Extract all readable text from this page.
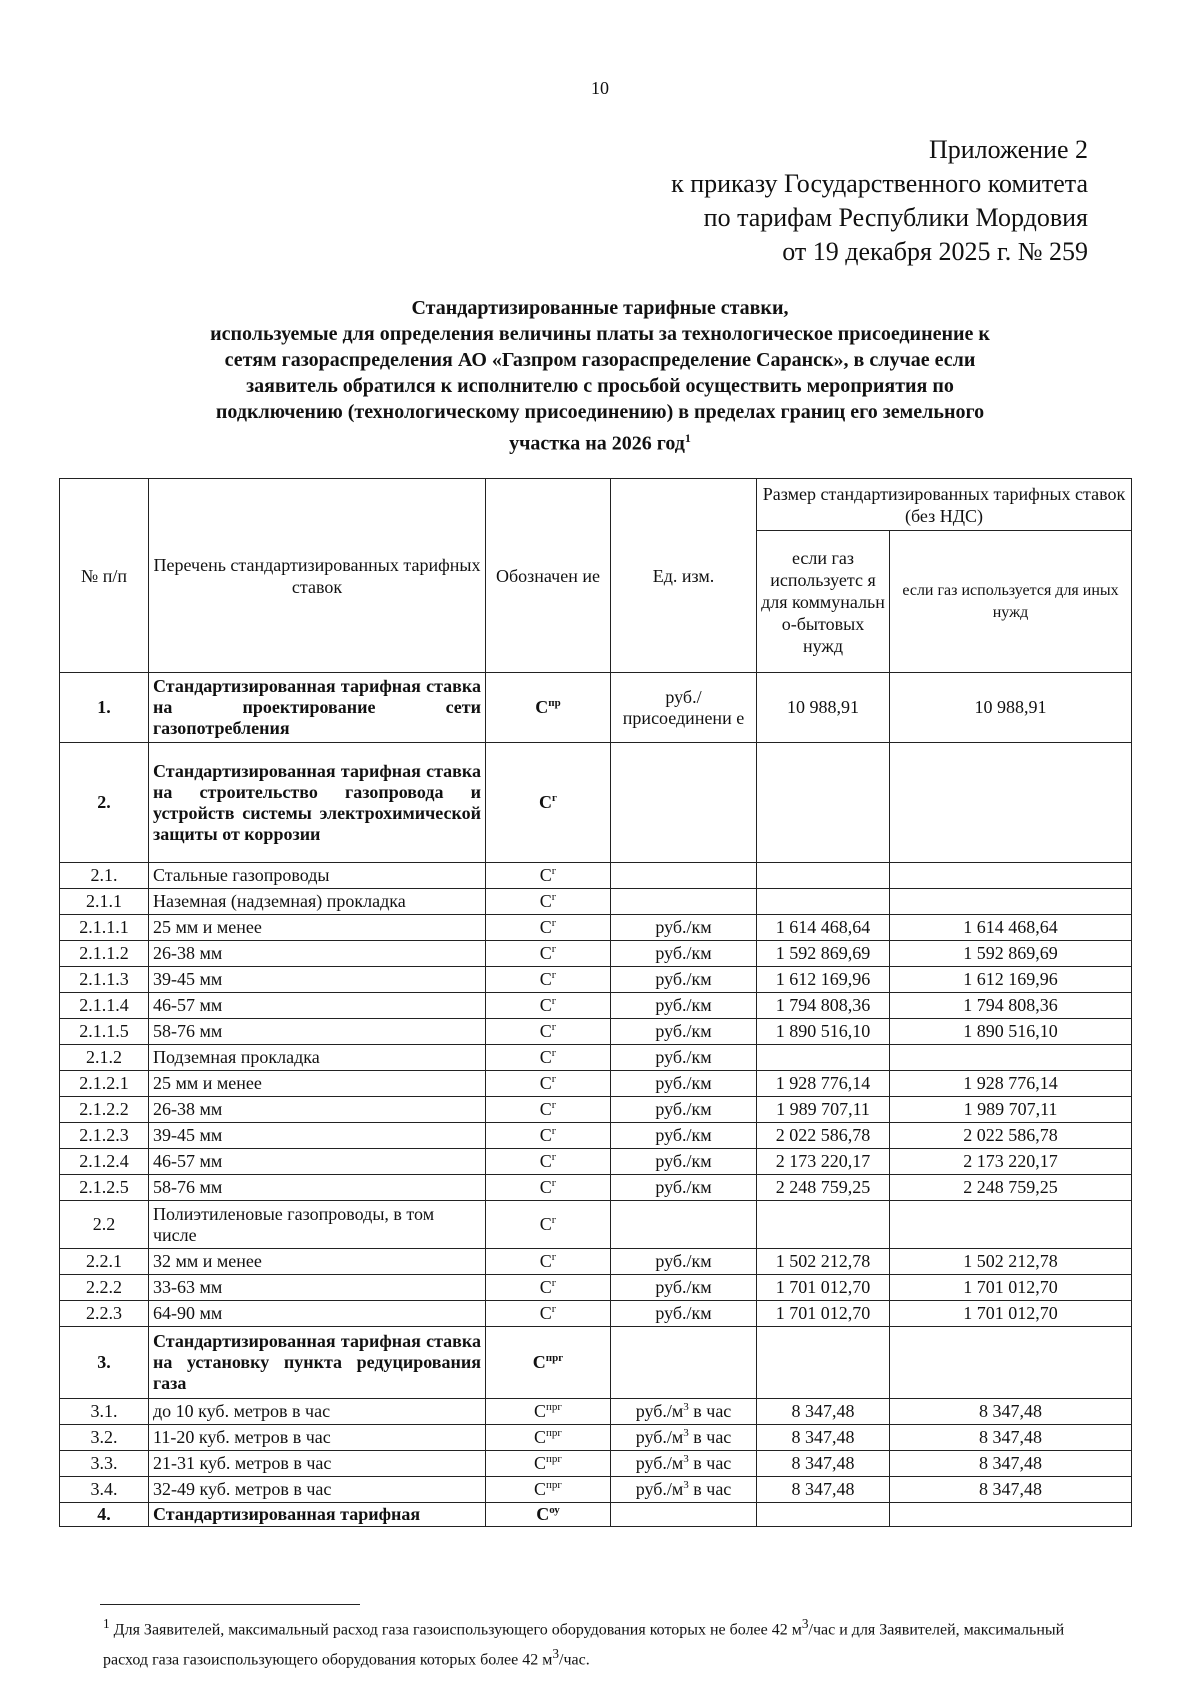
10
Приложение 2
к приказу Государственного комитета
по тарифам Республики Мордовия
от 19 декабря 2025 г. № 259
Стандартизированные тарифные ставки,
используемые для определения величины платы за технологическое присоединение к
сетям газораспределения АО «Газпром газораспределение Саранск», в случае если
заявитель обратился к исполнителю с просьбой осуществить мероприятия по
подключению (технологическому присоединению) в пределах границ его земельного
участка на 2026 год$^1$
№ п/п	Перечень стандартизированных тарифных ставок	Обозначен ие	Ед. изм.	Размер стандартизированных тарифных ставок (без НДС)	
				если газ используетс я для коммунальн о-бытовых нужд	если газ используется для иных нужд
1.	Стандартизированная тарифная ставка на проектирование сети газопотребления	$С^{пр}$	руб./ присоединени е	10 988,91	10 988,91
2.	Стандартизированная тарифная ставка на строительство газопровода и устройств системы электрохимической защиты от коррозии	$С^г$			
2.1.	Стальные газопроводы	$С^г$			
2.1.1	Наземная (надземная) прокладка	$С^г$			
2.1.1.1	25 мм и менее	$С^г$	руб./км	1 614 468,64	1 614 468,64
2.1.1.2	26-38 мм	$С^г$	руб./км	1 592 869,69	1 592 869,69
2.1.1.3	39-45 мм	$С^г$	руб./км	1 612 169,96	1 612 169,96
2.1.1.4	46-57 мм	$С^г$	руб./км	1 794 808,36	1 794 808,36
2.1.1.5	58-76 мм	$С^г$	руб./км	1 890 516,10	1 890 516,10
2.1.2	Подземная прокладка	$С^г$	руб./км		
2.1.2.1	25 мм и менее	$С^г$	руб./км	1 928 776,14	1 928 776,14
2.1.2.2	26-38 мм	$С^г$	руб./км	1 989 707,11	1 989 707,11
2.1.2.3	39-45 мм	$С^г$	руб./км	2 022 586,78	2 022 586,78
2.1.2.4	46-57 мм	$С^г$	руб./км	2 173 220,17	2 173 220,17
2.1.2.5	58-76 мм	$С^г$	руб./км	2 248 759,25	2 248 759,25
2.2	Полиэтиленовые газопроводы, в том числе	$С^г$			
2.2.1	32 мм и менее	$С^г$	руб./км	1 502 212,78	1 502 212,78
2.2.2	33-63 мм	$С^г$	руб./км	1 701 012,70	1 701 012,70
2.2.3	64-90 мм	$С^г$	руб./км	1 701 012,70	1 701 012,70
3.	Стандартизированная тарифная ставка на установку пункта редуцирования газа	$С^{прг}$			
3.1.	до 10 куб. метров в час	$С^{прг}$	$руб./м^3$ в час	8 347,48	8 347,48
3.2.	11-20 куб. метров в час	$С^{прг}$	$руб./м^3$ в час	8 347,48	8 347,48
3.3.	21-31 куб. метров в час	$С^{прг}$	$руб./м^3$ в час	8 347,48	8 347,48
3.4.	32-49 куб. метров в час	$С^{прг}$	$руб./м^3$ в час	8 347,48	8 347,48
4.	Стандартизированная тарифная	$С^{оу}$			
$^1$ Для Заявителей, максимальный расход газа газоиспользующего оборудования которых не более 42 $м^3$/час и для Заявителей, максимальный расход газа газоиспользующего оборудования которых более 42 $м^3$/час.
